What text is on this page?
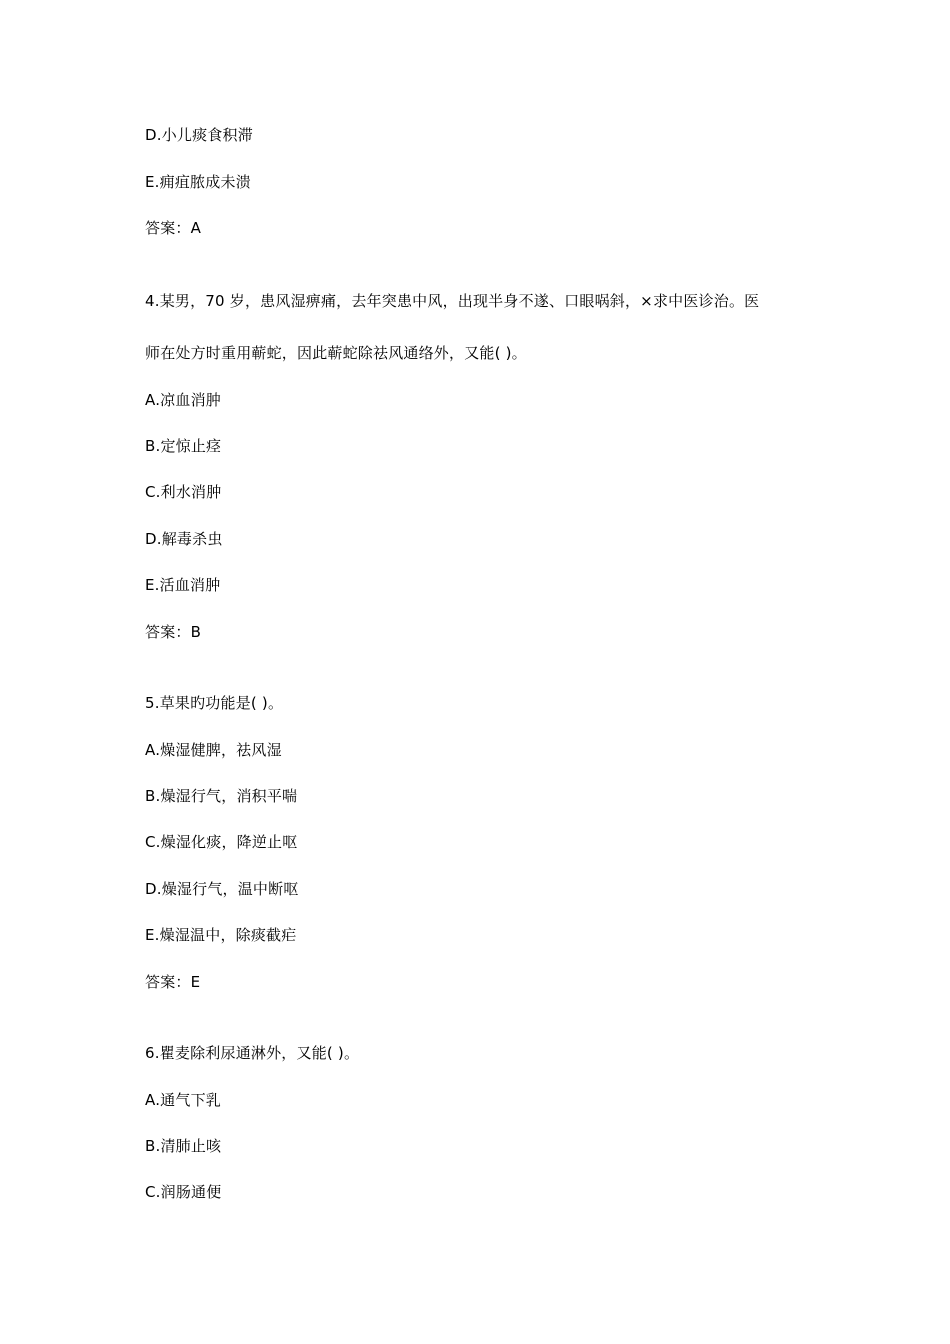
D.小儿痰食积滞
E.痈疽脓成未溃
答案：A
4.某男，70 岁，患风湿痹痛，去年突患中风，出现半身不遂、口眼㖞斜，×求中医诊治。医
师在处方时重用蕲蛇，因此蕲蛇除祛风通络外，又能( )。
A.凉血消肿
B.定惊止痉
C.利水消肿
D.解毒杀虫
E.活血消肿
答案：B
5.草果旳功能是( )。
A.燥湿健脾，祛风湿
B.燥湿行气，消积平喘
C.燥湿化痰，降逆止呕
D.燥湿行气，温中断呕
E.燥湿温中，除痰截疟
答案：E
6.瞿麦除利尿通淋外，又能( )。
A.通气下乳
B.清肺止咳
C.润肠通便
